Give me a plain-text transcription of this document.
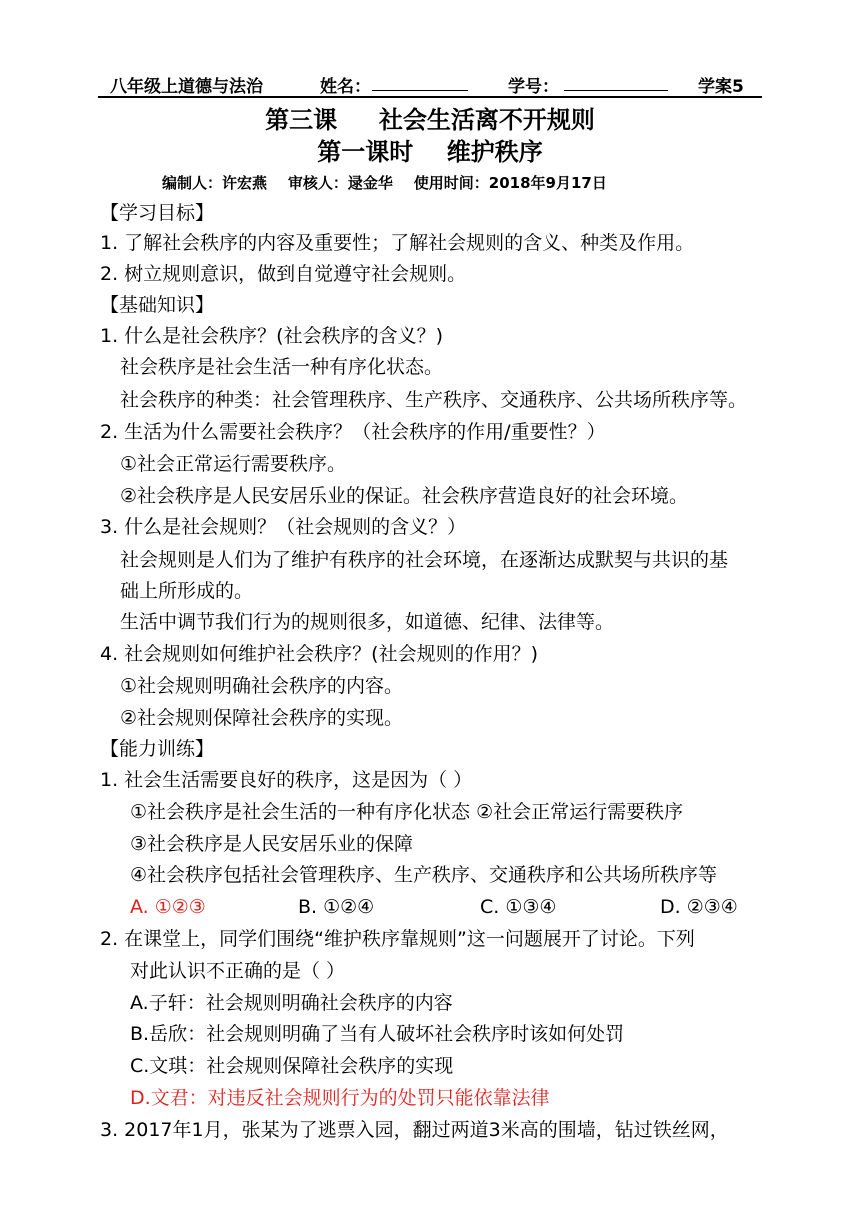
八年级上道德与法治	姓名：	学号：	学案5
第三课     社会生活离不开规则
第一课时    维护秩序
编制人：许宏燕    审核人：逯金华    使用时间：2018年9月17日
【学习目标】
1. 了解社会秩序的内容及重要性；了解社会规则的含义、种类及作用。
2. 树立规则意识，做到自觉遵守社会规则。
【基础知识】
1. 什么是社会秩序？(社会秩序的含义？)
社会秩序是社会生活一种有序化状态。
社会秩序的种类：社会管理秩序、生产秩序、交通秩序、公共场所秩序等。
2. 生活为什么需要社会秩序？（社会秩序的作用/重要性？）
①社会正常运行需要秩序。
②社会秩序是人民安居乐业的保证。社会秩序营造良好的社会环境。
3. 什么是社会规则？（社会规则的含义？）
社会规则是人们为了维护有秩序的社会环境，在逐渐达成默契与共识的基
础上所形成的。
生活中调节我们行为的规则很多，如道德、纪律、法律等。
4. 社会规则如何维护社会秩序？(社会规则的作用？)
①社会规则明确社会秩序的内容。
②社会规则保障社会秩序的实现。
【能力训练】
1. 社会生活需要良好的秩序，这是因为（ ）
①社会秩序是社会生活的一种有序化状态 ②社会正常运行需要秩序
③社会秩序是人民安居乐业的保障
④社会秩序包括社会管理秩序、生产秩序、交通秩序和公共场所秩序等
A. ①②③	B. ①②④	C. ①③④	D. ②③④
2. 在课堂上，同学们围绕“维护秩序靠规则”这一问题展开了讨论。下列
对此认识不正确的是（ ）
A.子轩：社会规则明确社会秩序的内容
B.岳欣：社会规则明确了当有人破坏社会秩序时该如何处罚
C.文琪：社会规则保障社会秩序的实现
D.文君：对违反社会规则行为的处罚只能依靠法律
3. 2017年1月，张某为了逃票入园，翻过两道3米高的围墙，钻过铁丝网，
